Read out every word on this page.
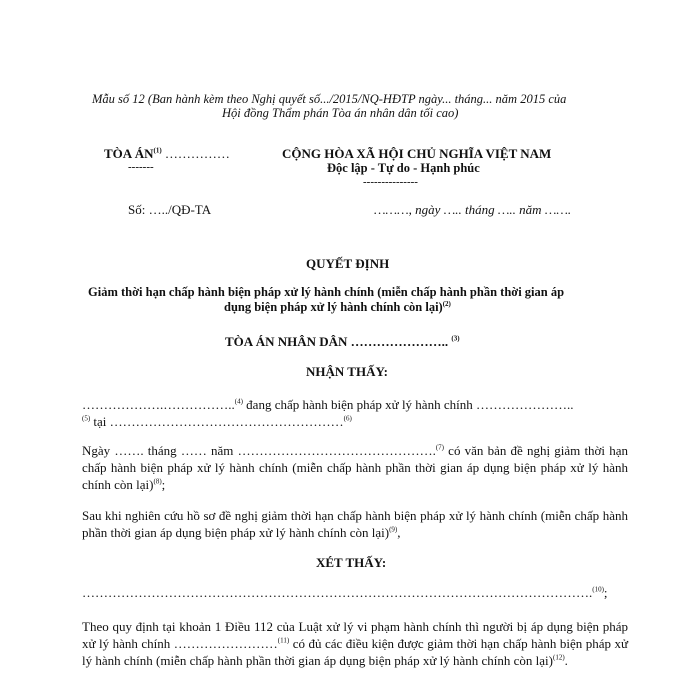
Mẫu số 12 (Ban hành kèm theo Nghị quyết số.../2015/NQ-HĐTP ngày... tháng... năm 2015 của
Hội đồng Thẩm phán Tòa án nhân dân tối cao)
TÒA ÁN$^{(1)}$ ……………
-------
CỘNG HÒA XÃ HỘI CHỦ NGHĨA VIỆT NAM
Độc lập - Tự do - Hạnh phúc
---------------
Số: …../QĐ-TA	………, ngày ….. tháng ….. năm …….
QUYẾT ĐỊNH
Giảm thời hạn chấp hành biện pháp xử lý hành chính (miễn chấp hành phần thời gian áp
dụng biện pháp xử lý hành chính còn lại)$^{(2)}$
TÒA ÁN NHÂN DÂN ………………….. $^{(3)}$
NHẬN THẤY:
……………….……………..$^{(4)}$ đang chấp hành biện pháp xử lý hành chính …………………..
$^{(5)}$ tại ………………………………………………$^{(6)}$
Ngày ……. tháng …… năm ……………………………………….$^{(7)}$ có văn bản đề nghị giảm thời hạn chấp hành biện pháp xử lý hành chính (miễn chấp hành phần thời gian áp dụng biện pháp xử lý hành chính còn lại)$^{(8)}$;
Sau khi nghiên cứu hồ sơ đề nghị giảm thời hạn chấp hành biện pháp xử lý hành chính (miễn chấp hành phần thời gian áp dụng biện pháp xử lý hành chính còn lại)$^{(9)}$,
XÉT THẤY:
……………………………………………………………………………………………………….$^{(10)}$;
Theo quy định tại khoản 1 Điều 112 của Luật xử lý vi phạm hành chính thì người bị áp dụng biện pháp xử lý hành chính ……………………$^{(11)}$ có đủ các điều kiện được giảm thời hạn chấp hành biện pháp xử lý hành chính (miễn chấp hành phần thời gian áp dụng biện pháp xử lý hành chính còn lại)$^{(12)}$.
